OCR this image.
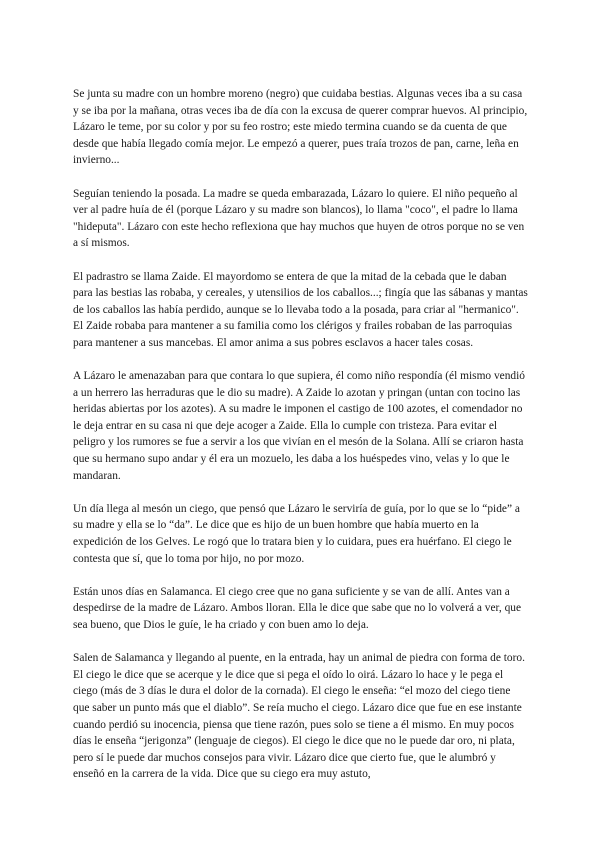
Se junta su madre con un hombre moreno (negro) que cuidaba bestias. Algunas veces iba a su casa y se iba por la mañana, otras veces iba de día con la excusa de querer comprar huevos. Al principio, Lázaro le teme, por su color y por su feo rostro; este miedo termina cuando se da cuenta de que desde que había llegado comía mejor. Le empezó a querer, pues traía trozos de pan, carne, leña en invierno...

Seguían teniendo la posada. La madre se queda embarazada, Lázaro lo quiere. El niño pequeño al ver al padre huía de él (porque Lázaro y su madre son blancos), lo llama "coco", el padre lo llama "hideputa". Lázaro con este hecho reflexiona que hay muchos que huyen de otros porque no se ven a sí mismos.

El padrastro se llama Zaide. El mayordomo se entera de que la mitad de la cebada que le daban para las bestias las robaba, y cereales, y utensilios de los caballos...; fingía que las sábanas y mantas de los caballos las había perdido, aunque se lo llevaba todo a la posada, para criar al "hermanico". El Zaide robaba para mantener a su familia como los clérigos y frailes robaban de las parroquias para mantener a sus mancebas. El amor anima a sus pobres esclavos a hacer tales cosas.

A Lázaro le amenazaban para que contara lo que supiera, él como niño respondía (él mismo vendió a un herrero las herraduras que le dio su madre). A Zaide lo azotan y pringan (untan con tocino las heridas abiertas por los azotes). A su madre le imponen el castigo de 100 azotes, el comendador no le deja entrar en su casa ni que deje acoger a Zaide. Ella lo cumple con tristeza. Para evitar el peligro y los rumores se fue a servir a los que vivían en el mesón de la Solana. Allí se criaron hasta que su hermano supo andar y él era un mozuelo, les daba a los huéspedes vino, velas y lo que le mandaran.

Un día llega al mesón un ciego, que pensó que Lázaro le serviría de guía, por lo que se lo “pide” a su madre y ella se lo “da”. Le dice que es hijo de un buen hombre que había muerto en la expedición de los Gelves. Le rogó que lo tratara bien y lo cuidara, pues era huérfano. El ciego le contesta que sí, que lo toma por hijo, no por mozo.

Están unos días en Salamanca. El ciego cree que no gana suficiente y se van de allí. Antes van a despedirse de la madre de Lázaro. Ambos lloran. Ella le dice que sabe que no lo volverá a ver, que sea bueno, que Dios le guíe, le ha criado y con buen amo lo deja.

Salen de Salamanca y llegando al puente, en la entrada, hay un animal de piedra con forma de toro. El ciego le dice que se acerque y le dice que si pega el oído lo oirá. Lázaro lo hace y le pega el ciego (más de 3 días le dura el dolor de la cornada). El ciego le enseña: “el mozo del ciego tiene que saber un punto más que el diablo”. Se reía mucho el ciego. Lázaro dice que fue en ese instante cuando perdió su inocencia, piensa que tiene razón, pues solo se tiene a él mismo. En muy pocos días le enseña “jerigonza” (lenguaje de ciegos). El ciego le dice que no le puede dar oro, ni plata, pero sí le puede dar muchos consejos para vivir. Lázaro dice que cierto fue, que le alumbró y enseñó en la carrera de la vida. Dice que su ciego era muy astuto,
